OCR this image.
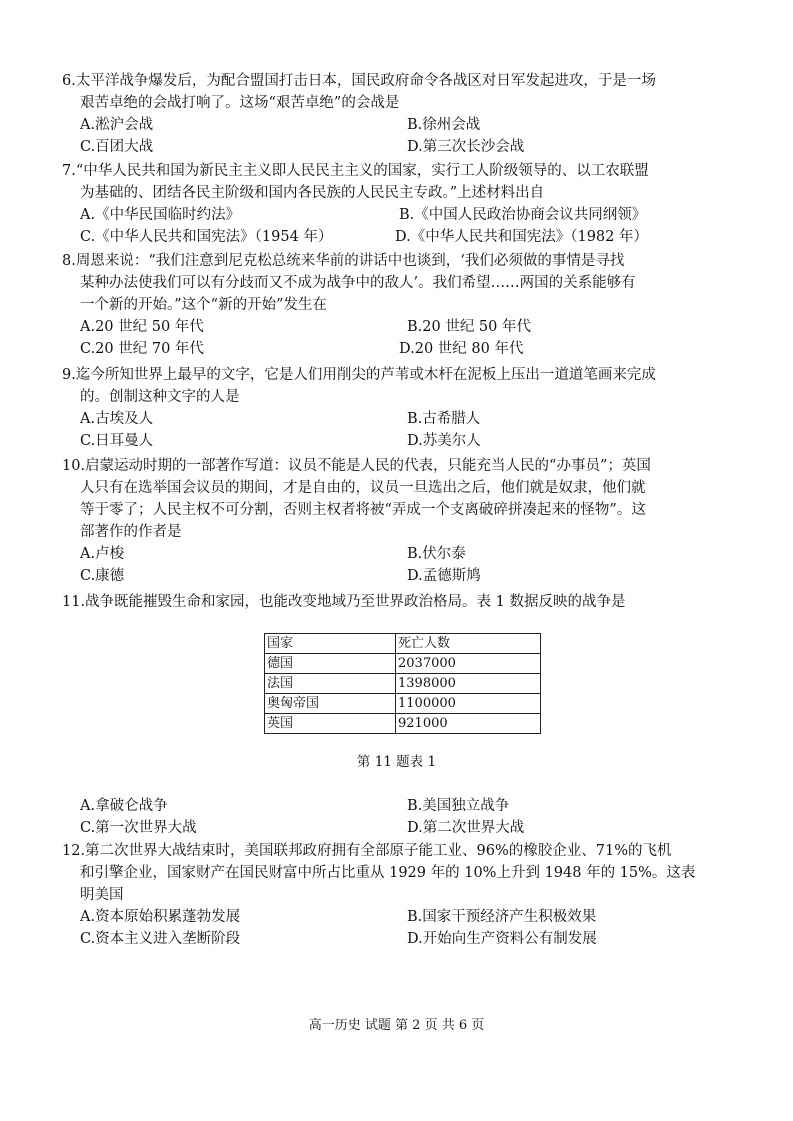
6.太平洋战争爆发后，为配合盟国打击日本，国民政府命令各战区对日军发起进攻，于是一场
艰苦卓绝的会战打响了。这场“艰苦卓绝”的会战是
A.淞沪会战	B.徐州会战
C.百团大战	D.第三次长沙会战
7.“中华人民共和国为新民主主义即人民民主主义的国家，实行工人阶级领导的、以工农联盟
为基础的、团结各民主阶级和国内各民族的人民民主专政。”上述材料出自
A.《中华民国临时约法》	B.《中国人民政治协商会议共同纲领》
C.《中华人民共和国宪法》（1954 年）	D.《中华人民共和国宪法》（1982 年）
8.周恩来说：“我们注意到尼克松总统来华前的讲话中也谈到，‘我们必须做的事情是寻找
某种办法使我们可以有分歧而又不成为战争中的敌人’。我们希望……两国的关系能够有
一个新的开始。”这个“新的开始”发生在
A.20 世纪 50 年代	B.20 世纪 50 年代
C.20 世纪 70 年代	D.20 世纪 80 年代
9.迄今所知世界上最早的文字，它是人们用削尖的芦苇或木杆在泥板上压出一道道笔画来完成
的。创制这种文字的人是
A.古埃及人	B.古希腊人
C.日耳曼人	D.苏美尔人
10.启蒙运动时期的一部著作写道：议员不能是人民的代表，只能充当人民的“办事员”；英国
人只有在选举国会议员的期间，才是自由的，议员一旦选出之后，他们就是奴隶，他们就
等于零了；人民主权不可分割，否则主权者将被“弄成一个支离破碎拼凑起来的怪物”。这
部著作的作者是
A.卢梭	B.伏尔泰
C.康德	D.孟德斯鸠
11.战争既能摧毁生命和家园，也能改变地域乃至世界政治格局。表 1 数据反映的战争是
国家	死亡人数
德国	2037000
法国	1398000
奥匈帝国	1100000
英国	921000
第 11 题表 1
A.拿破仑战争	B.美国独立战争
C.第一次世界大战	D.第二次世界大战
12.第二次世界大战结束时，美国联邦政府拥有全部原子能工业、96%的橡胶企业、71%的飞机
和引擎企业，国家财产在国民财富中所占比重从 1929 年的 10%上升到 1948 年的 15%。这表
明美国
A.资本原始积累蓬勃发展	B.国家干预经济产生积极效果
C.资本主义进入垄断阶段	D.开始向生产资料公有制发展
高一历史 试题 第 2 页 共 6 页
